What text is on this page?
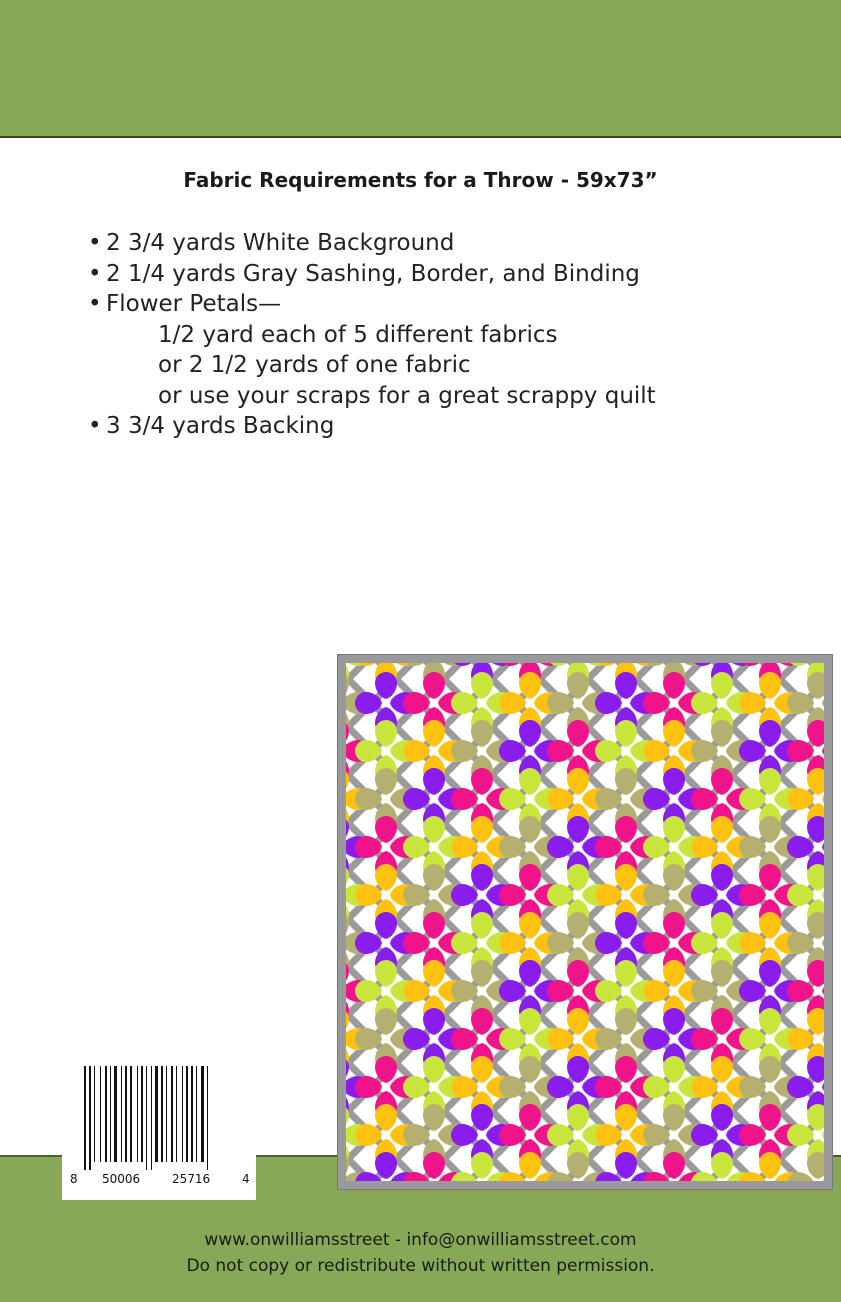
Fabric Requirements for a Throw - 59x73”
• 2 3/4 yards White Background
• 2 1/4 yards Gray Sashing, Border, and Binding
• Flower Petals—
1/2 yard each of 5 different fabrics
or 2 1/2 yards of one fabric
or use your scraps for a great scrappy quilt
• 3 3/4 yards Backing
8 50006	25716	4
www.onwilliamsstreet - info@onwilliamsstreet.com
Do not copy or redistribute without written permission.
